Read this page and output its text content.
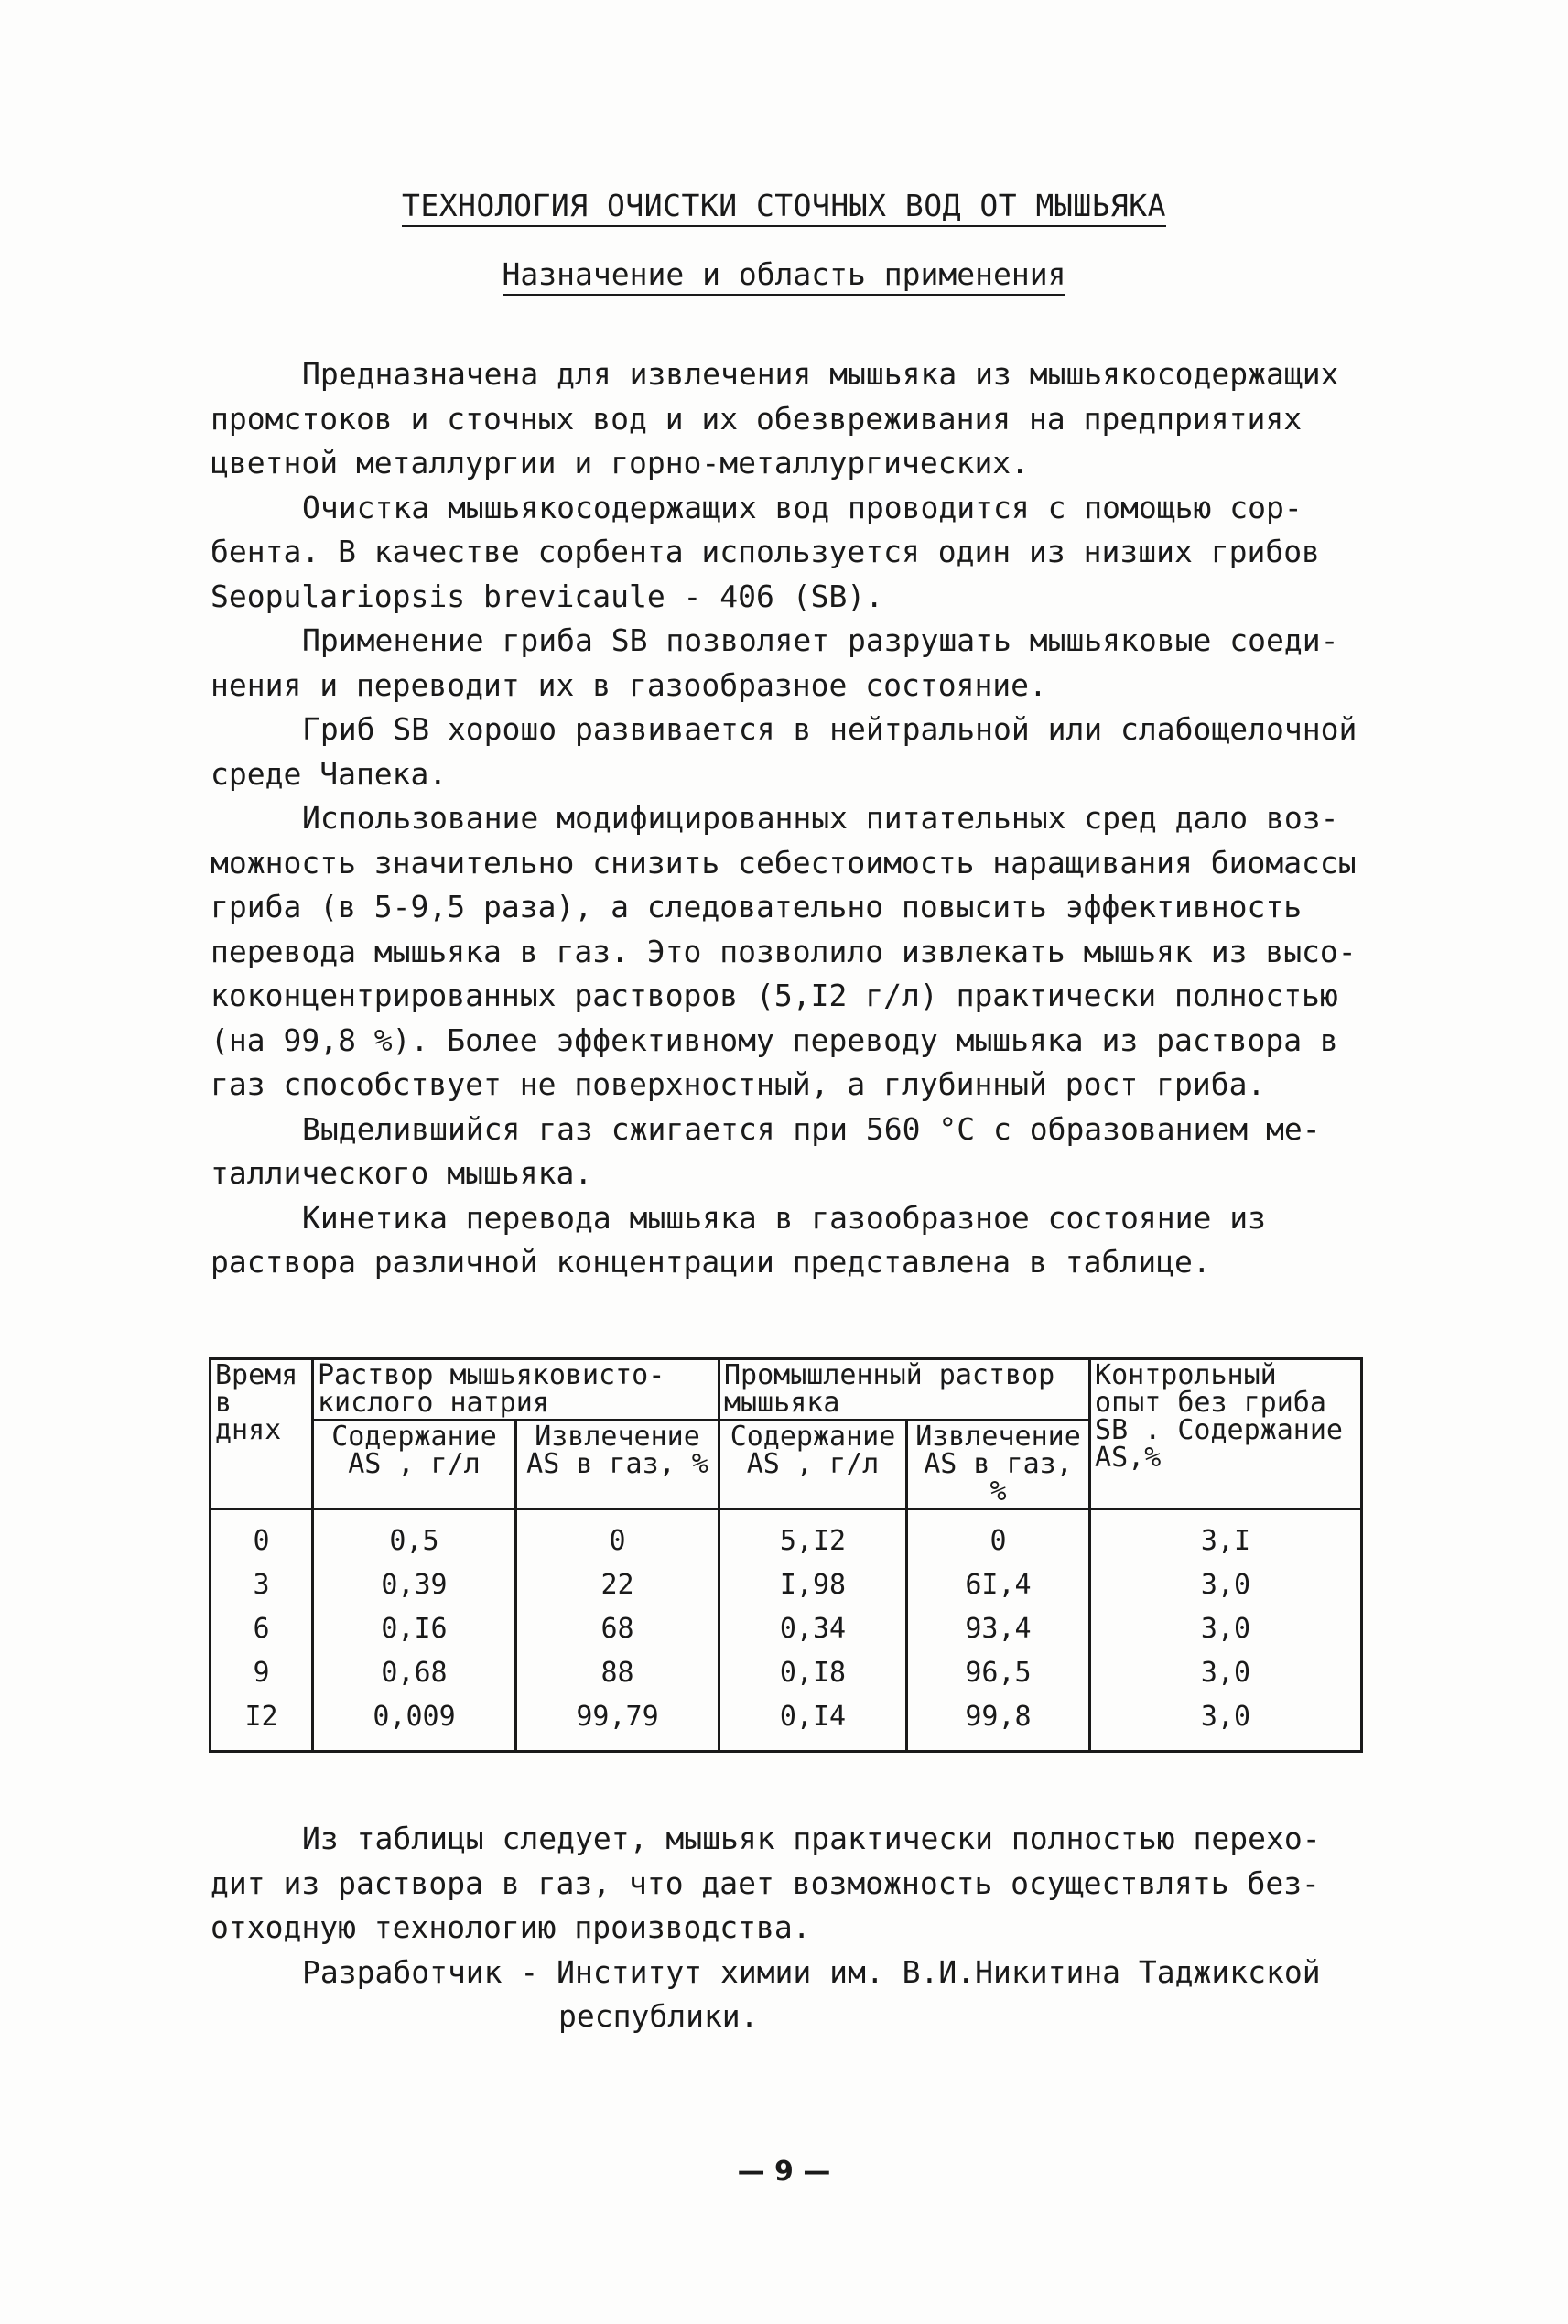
ТЕХНОЛОГИЯ ОЧИСТКИ СТОЧНЫХ ВОД ОТ МЫШЬЯКА
Назначение и область применения

Предназначена для извлечения мышьяка из мышьякосодержащих
промстоков и сточных вод и их обезвреживания на предприятиях
цветной металлургии и горно-металлургических.

Очистка мышьякосодержащих вод проводится с помощью сор-
бента. В качестве сорбента используется один из низших грибов
Seopulariopsis brevicaule - 406 (SB).

Применение гриба SB позволяет разрушать мышьяковые соеди-
нения и переводит их в газообразное состояние.

Гриб SB хорошо развивается в нейтральной или слабощелочной
среде Чапека.

Использование модифицированных питательных сред дало воз-
можность значительно снизить себестоимость наращивания биомассы
гриба (в 5-9,5 раза), а следовательно повысить эффективность
перевода мышьяка в газ. Это позволило извлекать мышьяк из высо-
коконцентрированных растворов (5,I2 г/л) практически полностью
(на 99,8 %). Более эффективному переводу мышьяка из раствора в
газ способствует не поверхностный, а глубинный рост гриба.

Выделившийся газ сжигается при 560 °С с образованием ме-
таллического мышьяка.

Кинетика перевода мышьяка в газообразное состояние из
раствора различной концентрации представлена в таблице.

Время в днях	Раствор мышьяковисто-кислого натрия		Промышленный раствор мышьяка		Контрольный опыт без гриба SB . Содержание AS,%
	Содержание AS , г/л	Извлечение AS в газ, %	Содержание AS , г/л	Извлечение AS в газ, %	
0	0,5	0	5,I2	0	3,I
3	0,39	22	I,98	6I,4	3,0
6	0,I6	68	0,34	93,4	3,0
9	0,68	88	0,I8	96,5	3,0
I2	0,009	99,79	0,I4	99,8	3,0

Из таблицы следует, мышьяк практически полностью перехо-
дит из раствора в газ, что дает возможность осуществлять без-
отходную технологию производства.

Разработчик - Институт химии им. В.И.Никитина Таджикской
республики.

— 9 —
